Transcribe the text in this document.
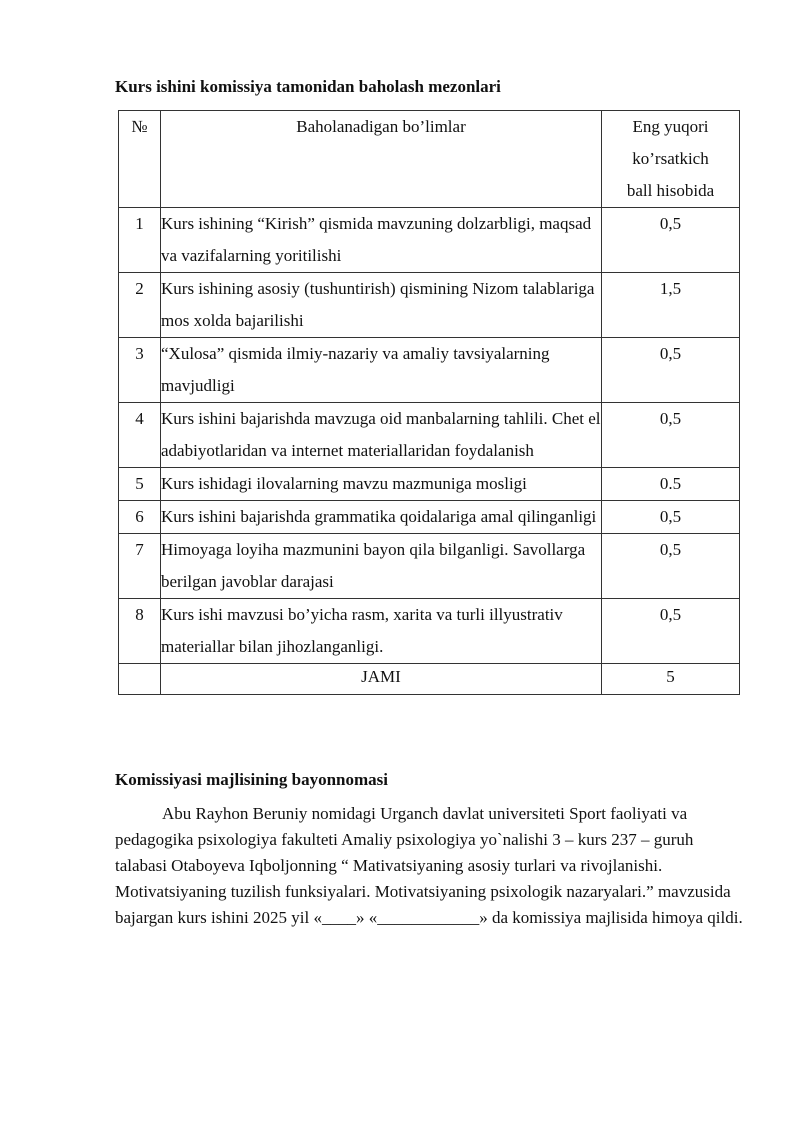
Kurs ishini komissiya tamonidan baholash mezonlari
№	Baholanadigan bo’limlar	Eng yuqori
ko’rsatkich
ball hisobida

1	Kurs ishining “Kirish” qismida mavzuning dolzarbligi, maqsad va vazifalarning yoritilishi	0,5
2	Kurs ishining asosiy (tushuntirish) qismining Nizom talablariga mos xolda bajarilishi	1,5
3	“Xulosa” qismida ilmiy-nazariy va amaliy tavsiyalarning mavjudligi	0,5
4	Kurs ishini bajarishda mavzuga oid manbalarning tahlili. Chet el adabiyotlaridan va internet materiallaridan foydalanish	0,5
5	Kurs ishidagi ilovalarning mavzu mazmuniga mosligi	0.5
6	Kurs ishini bajarishda grammatika qoidalariga amal qilinganligi	0,5
7	Himoyaga loyiha mazmunini bayon qila bilganligi. Savollarga berilgan javoblar darajasi	0,5
8	Kurs ishi mavzusi bo’yicha rasm, xarita va turli illyustrativ materiallar bilan jihozlanganligi.	0,5
	JAMI	5
Komissiyasi majlisining bayonnomasi
Abu Rayhon Beruniy nomidagi Urganch davlat universiteti Sport faoliyati va pedagogika psixologiya fakulteti Amaliy psixologiya yo`nalishi 3 – kurs 237 – guruh talabasi Otaboyeva Iqboljonning “ Mativatsiyaning asosiy turlari va rivojlanishi. Motivatsiyaning tuzilish funksiyalari. Motivatsiyaning psixologik nazaryalari.” mavzusida bajargan kurs ishini 2025 yil «____» «____________» da komissiya majlisida himoya qildi.
